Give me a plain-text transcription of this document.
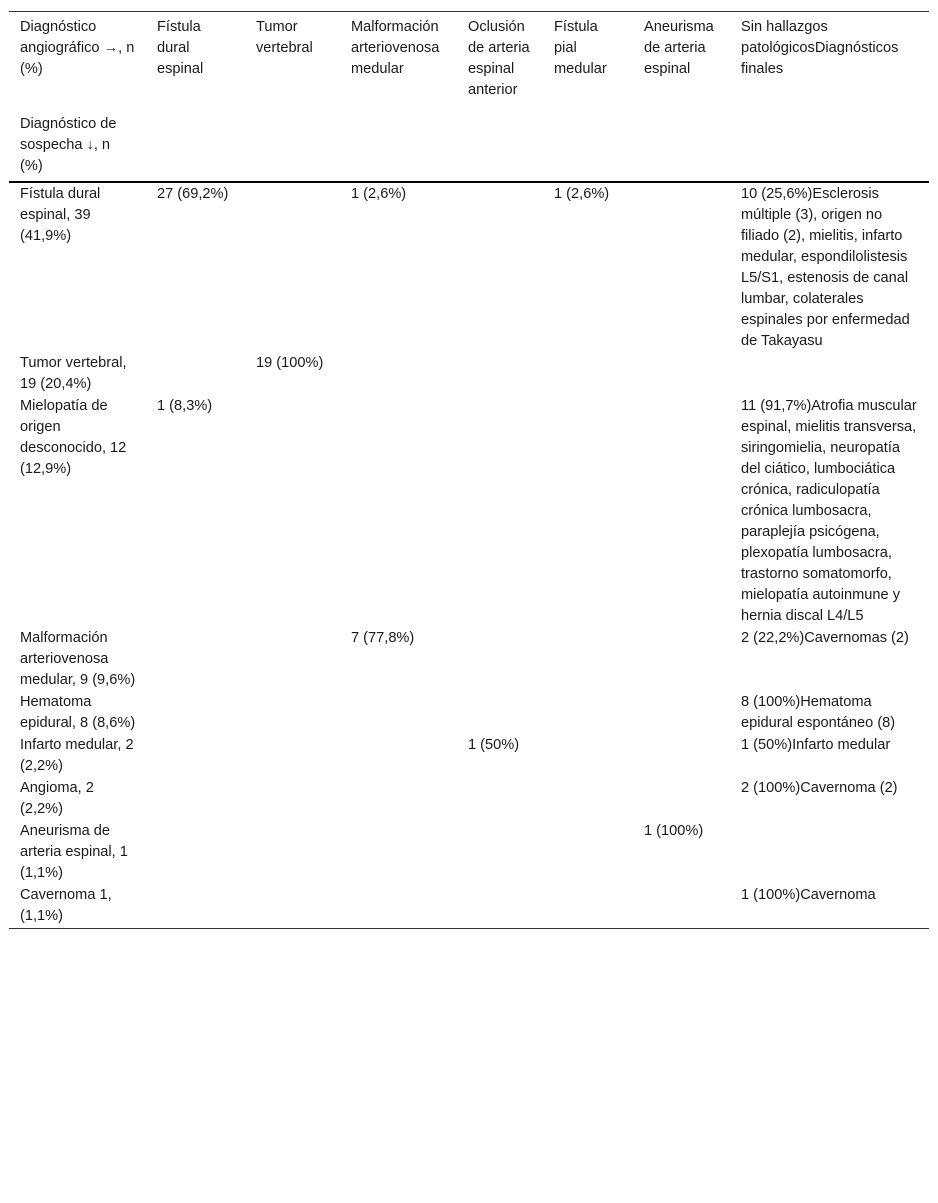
Diagnóstico angiográfico →, n (%)	Fístula dural espinal	Tumor vertebral	Malformación arteriovenosa medular	Oclusión de arteria espinal anterior	Fístula pial medular	Aneurisma de arteria espinal	Sin hallazgos patológicosDiagnósticos finales
Diagnóstico de sospecha ↓, n (%)							
Fístula dural espinal, 39 (41,9%)	27 (69,2%)		1 (2,6%)		1 (2,6%)		10 (25,6%)Esclerosis múltiple (3), origen no filiado (2), mielitis, infarto medular, espondilolistesis L5/S1, estenosis de canal lumbar, colaterales espinales por enfermedad de Takayasu
Tumor vertebral, 19 (20,4%)		19 (100%)					
Mielopatía de origen desconocido, 12 (12,9%)	1 (8,3%)						11 (91,7%)Atrofia muscular espinal, mielitis transversa, siringomielia, neuropatía del ciático, lumbociática crónica, radiculopatía crónica lumbosacra, paraplejía psicógena, plexopatía lumbosacra, trastorno somatomorfo, mielopatía autoinmune y hernia discal L4/L5
Malformación arteriovenosa medular, 9 (9,6%)			7 (77,8%)				2 (22,2%)Cavernomas (2)
Hematoma epidural, 8 (8,6%)							8 (100%)Hematoma epidural espontáneo (8)
Infarto medular, 2 (2,2%)				1 (50%)			1 (50%)Infarto medular
Angioma, 2 (2,2%)							2 (100%)Cavernoma (2)
Aneurisma de arteria espinal, 1 (1,1%)						1 (100%)	
Cavernoma 1, (1,1%)							1 (100%)Cavernoma
